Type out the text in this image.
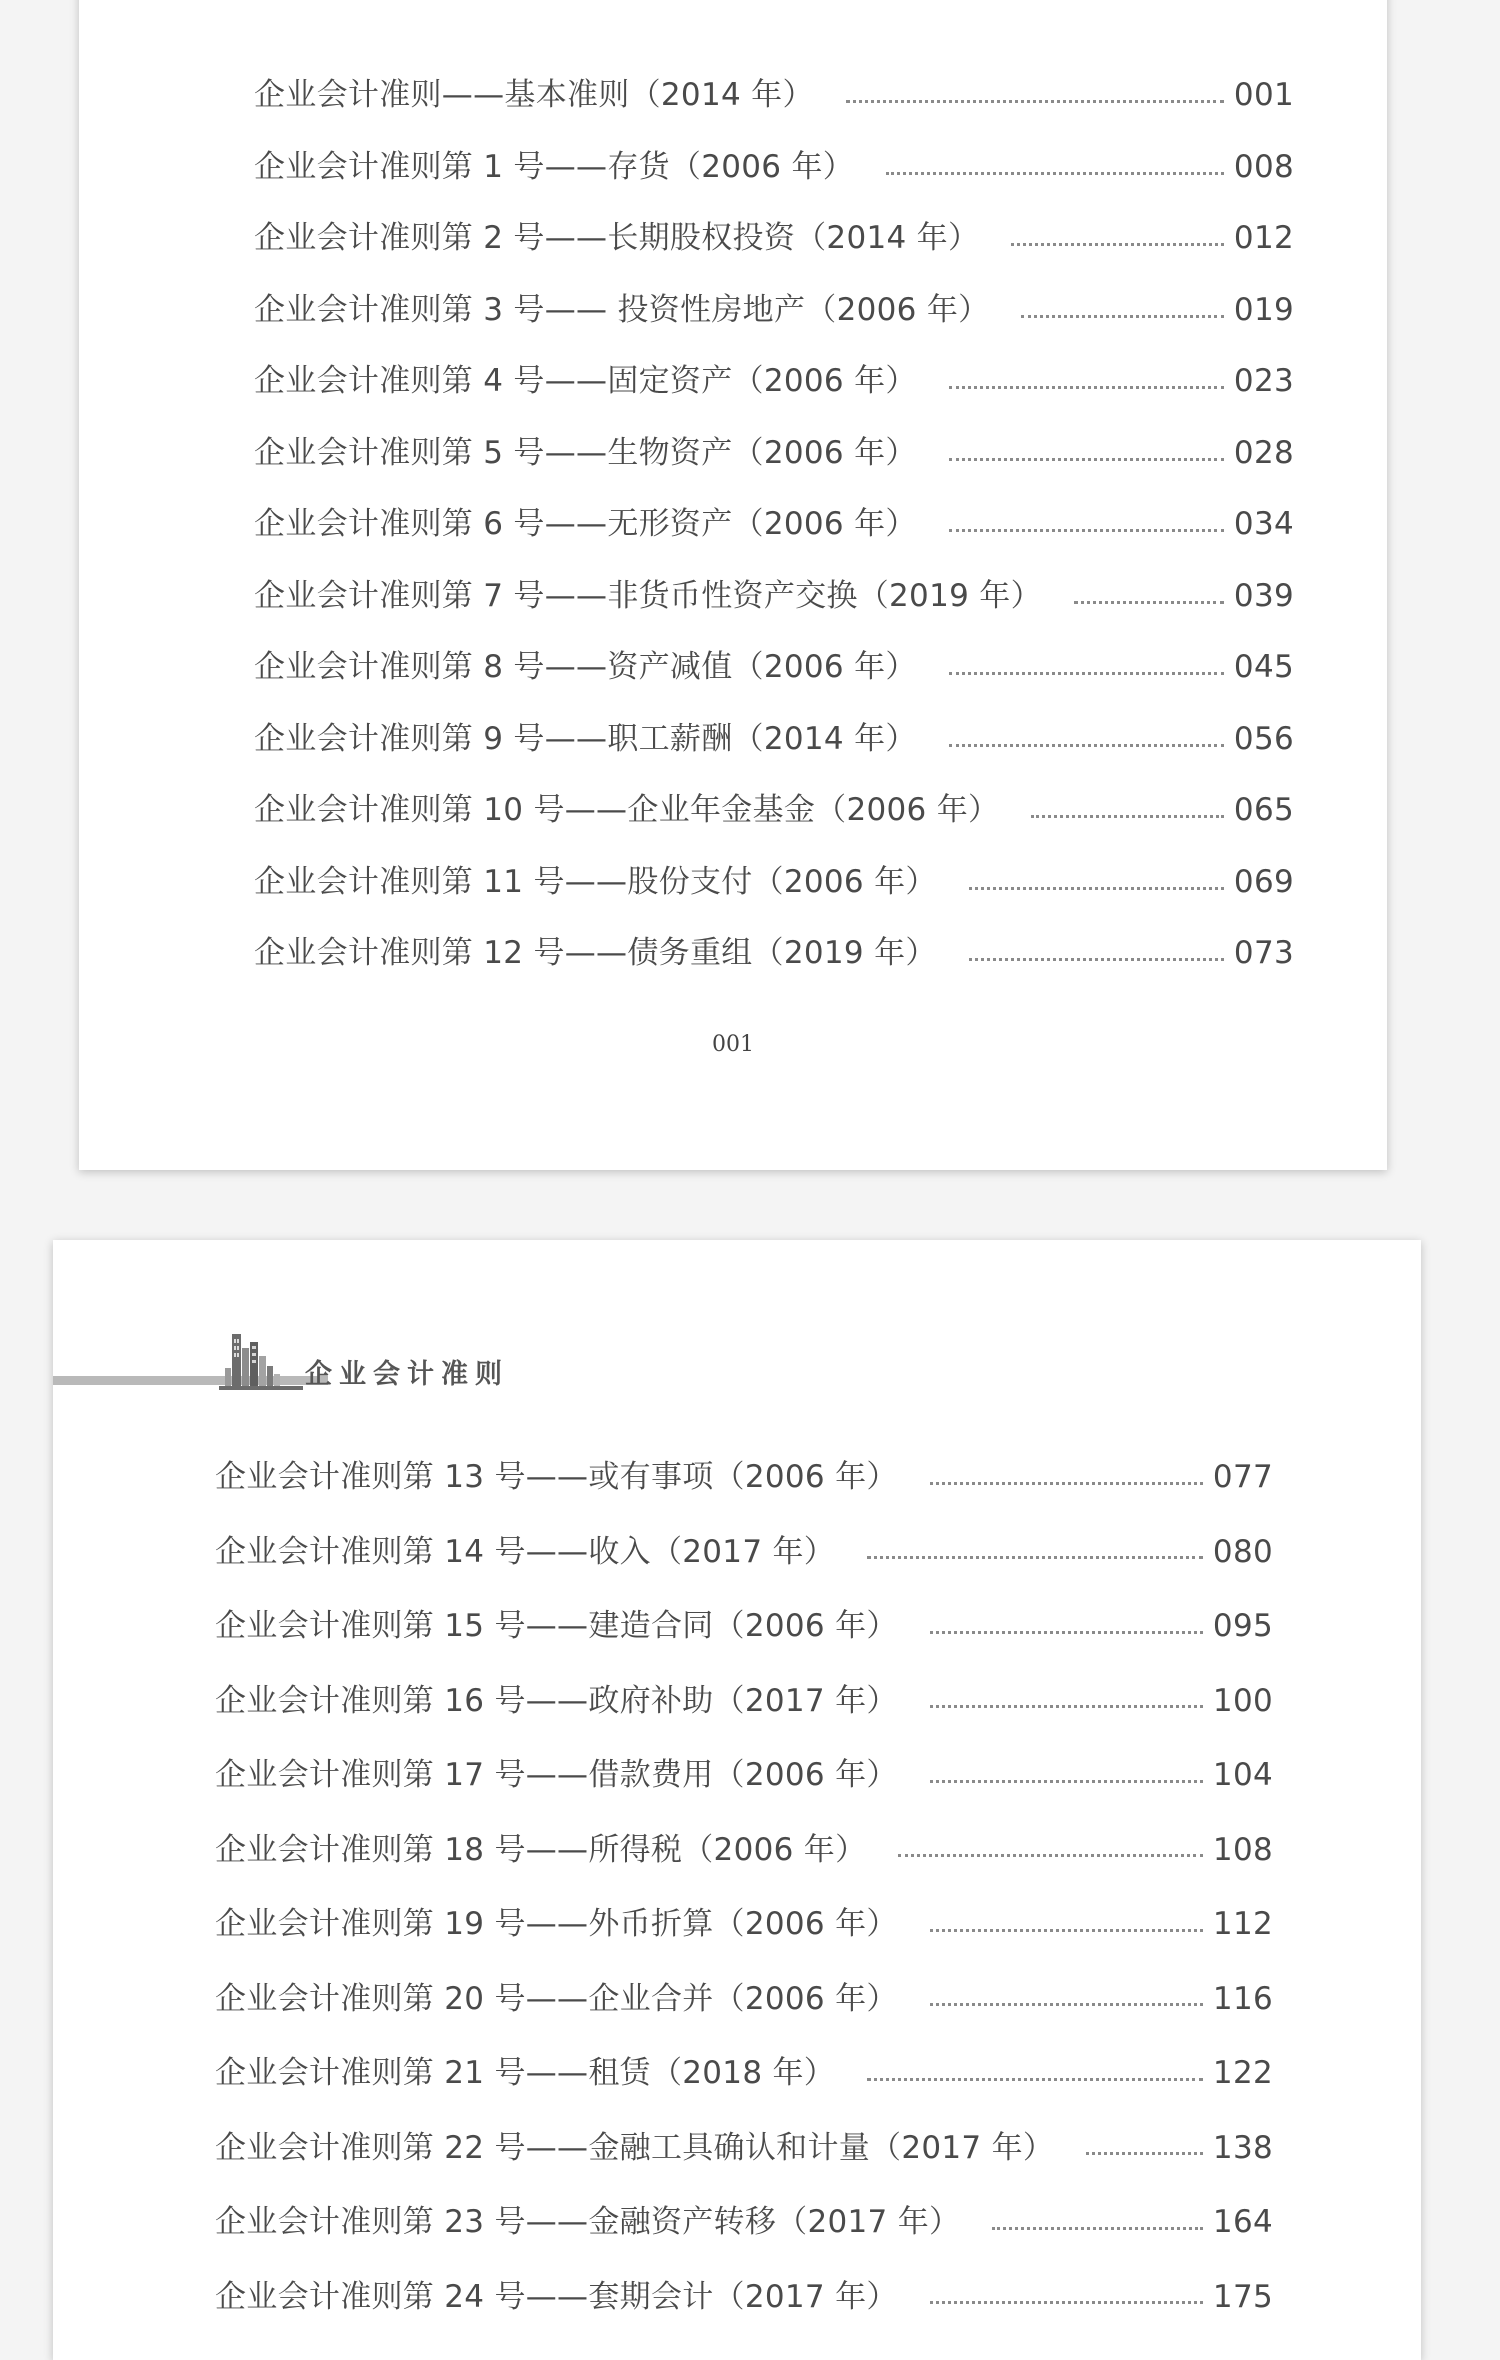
企业会计准则——基本准则（2014 年）	001
企业会计准则第 1 号——存货（2006 年）	008
企业会计准则第 2 号——长期股权投资（2014 年）	012
企业会计准则第 3 号—— 投资性房地产（2006 年）	019
企业会计准则第 4 号——固定资产（2006 年）	023
企业会计准则第 5 号——生物资产（2006 年）	028
企业会计准则第 6 号——无形资产（2006 年）	034
企业会计准则第 7 号——非货币性资产交换（2019 年）	039
企业会计准则第 8 号——资产减值（2006 年）	045
企业会计准则第 9 号——职工薪酬（2014 年）	056
企业会计准则第 10 号——企业年金基金（2006 年）	065
企业会计准则第 11 号——股份支付（2006 年）	069
企业会计准则第 12 号——债务重组（2019 年）	073
001
企业会计准则
企业会计准则第 13 号——或有事项（2006 年）	077
企业会计准则第 14 号——收入（2017 年）	080
企业会计准则第 15 号——建造合同（2006 年）	095
企业会计准则第 16 号——政府补助（2017 年）	100
企业会计准则第 17 号——借款费用（2006 年）	104
企业会计准则第 18 号——所得税（2006 年）	108
企业会计准则第 19 号——外币折算（2006 年）	112
企业会计准则第 20 号——企业合并（2006 年）	116
企业会计准则第 21 号——租赁（2018 年）	122
企业会计准则第 22 号——金融工具确认和计量（2017 年）	138
企业会计准则第 23 号——金融资产转移（2017 年）	164
企业会计准则第 24 号——套期会计（2017 年）	175
